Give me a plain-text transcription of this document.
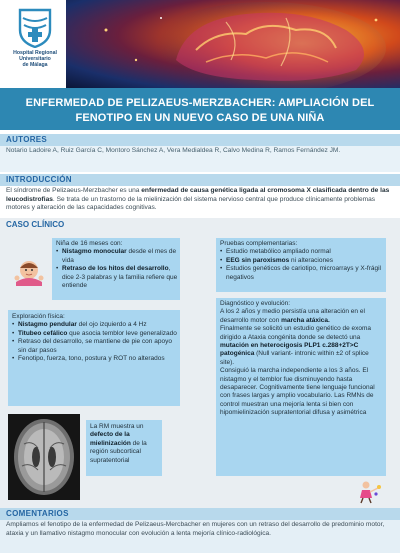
Hospital Regional
Universitario
de Málaga
ENFERMEDAD DE PELIZAEUS-MERZBACHER: AMPLIACIÓN DEL FENOTIPO EN UN NUEVO CASO DE UNA NIÑA
AUTORES
Notario Ladoire A, Ruiz García C, Montoro Sánchez A, Vera Medialdea R, Calvo Medina R, Ramos Fernández JM.
INTRODUCCIÓN
El síndrome de Pelizaeus-Merzbacher es una enfermedad de causa genética ligada al cromosoma X clasificada dentro de las leucodistrofias. Se trata de un trastorno de la mielinización del sistema nervioso central que produce clínicamente problemas motores y alteración de las capacidades cognitivas.
CASO CLÍNICO
Niña de 16 meses con:
• Nistagmo monocular desde el mes de vida
• Retraso de los hitos del desarrollo, dice 2-3 palabras y la familia refiere que entiende
Exploración física:
• Nistagmo pendular del ojo izquierdo a 4 Hz
• Titubeo cefálico que asocia temblor leve generalizado
• Retraso del desarrollo, se mantiene de pie con apoyo sin dar pasos
• Fenotipo, fuerza, tono, postura y ROT no alterados
La RM muestra un defecto de la mielinización de la región subcortical supratentorial
Pruebas complementarias:
• Estudio metabólico ampliado normal
• EEG sin paroxismos ni alteraciones
• Estudios genéticos de cariotipo, microarrays y X-frágil negativos
Diagnóstico y evolución:
A los 2 años y medio persistía una alteración en el desarrollo motor con marcha atáxica.
Finalmente se solicitó un estudio genético de exoma dirigido a Ataxia congénita donde se detectó una mutación en heterocigosis PLP1 c.288+2T>C patogénica (Null variant- intronic within ±2 of splice site).
Consiguió la marcha independiente a los 3 años. El nistagmo y el temblor fue disminuyendo hasta desaparecer. Cognitivamente tiene lenguaje funcional con frases largas y amplio vocabulario. Las RMNs de control muestran una mejoría lenta si bien con hipomielinización supratentorial difusa y asimétrica
COMENTARIOS
Ampliamos el fenotipo de la enfermedad de Pelizaeus-Mercbacher en mujeres con un retraso del desarrollo de predominio motor, ataxia y un llamativo nistagmo monocular con evolución a lenta mejoría clínico-radiológica.
